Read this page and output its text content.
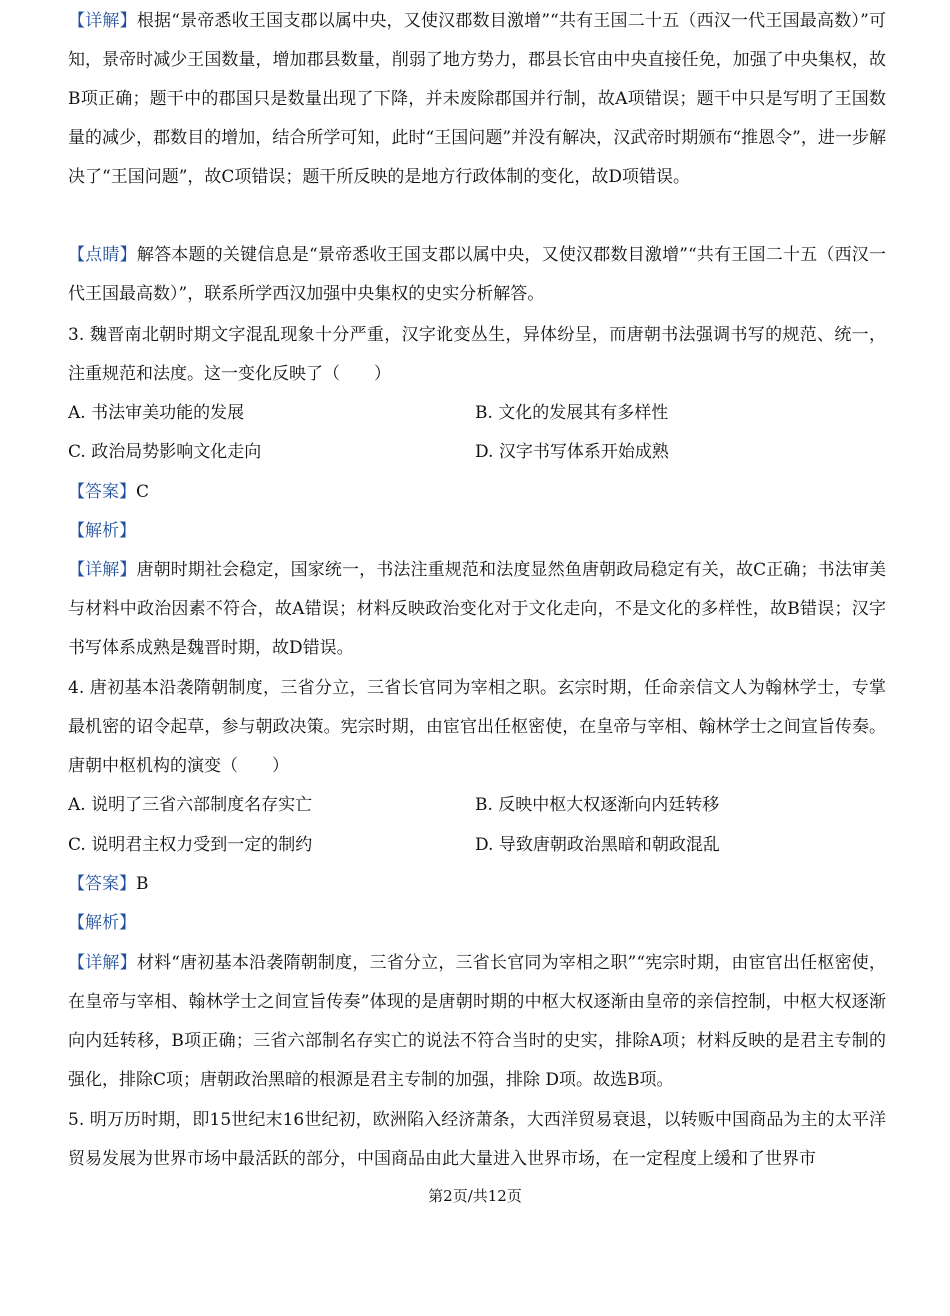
【详解】根据“景帝悉收王国支郡以属中央，又使汉郡数目激增”“共有王国二十五（西汉一代王国最高数）”可知，景帝时减少王国数量，增加郡县数量，削弱了地方势力，郡县长官由中央直接任免，加强了中央集权，故B项正确；题干中的郡国只是数量出现了下降，并未废除郡国并行制，故A项错误；题干中只是写明了王国数量的减少，郡数目的增加，结合所学可知，此时“王国问题”并没有解决，汉武帝时期颁布“推恩令”，进一步解决了“王国问题”，故C项错误；题干所反映的是地方行政体制的变化，故D项错误。

【点睛】解答本题的关键信息是“景帝悉收王国支郡以属中央，又使汉郡数目激增”“共有王国二十五（西汉一代王国最高数）”，联系所学西汉加强中央集权的史实分析解答。

3. 魏晋南北朝时期文字混乱现象十分严重，汉字讹变丛生，异体纷呈，而唐朝书法强调书写的规范、统一，注重规范和法度。这一变化反映了（　　）

A. 书法审美功能的发展	B. 文化的发展其有多样性
C. 政治局势影响文化走向	D. 汉字书写体系开始成熟
【答案】C
【解析】

【详解】唐朝时期社会稳定，国家统一，书法注重规范和法度显然鱼唐朝政局稳定有关，故C正确；书法审美与材料中政治因素不符合，故A错误；材料反映政治变化对于文化走向，不是文化的多样性，故B错误；汉字书写体系成熟是魏晋时期，故D错误。

4. 唐初基本沿袭隋朝制度，三省分立，三省长官同为宰相之职。玄宗时期，任命亲信文人为翰林学士，专掌最机密的诏令起草，参与朝政决策。宪宗时期，由宦官出任枢密使，在皇帝与宰相、翰林学士之间宣旨传奏。唐朝中枢机构的演变（　　）

A. 说明了三省六部制度名存实亡	B. 反映中枢大权逐渐向内廷转移
C. 说明君主权力受到一定的制约	D. 导致唐朝政治黑暗和朝政混乱
【答案】B
【解析】

【详解】材料“唐初基本沿袭隋朝制度，三省分立，三省长官同为宰相之职”“宪宗时期，由宦官出任枢密使，在皇帝与宰相、翰林学士之间宣旨传奏”体现的是唐朝时期的中枢大权逐渐由皇帝的亲信控制，中枢大权逐渐向内廷转移，B项正确；三省六部制名存实亡的说法不符合当时的史实，排除A项；材料反映的是君主专制的强化，排除C项；唐朝政治黑暗的根源是君主专制的加强，排除 D项。故选B项。

5. 明万历时期，即15世纪末16世纪初，欧洲陷入经济萧条，大西洋贸易衰退，以转贩中国商品为主的太平洋贸易发展为世界市场中最活跃的部分，中国商品由此大量进入世界市场，在一定程度上缓和了世界市

第2页/共12页
